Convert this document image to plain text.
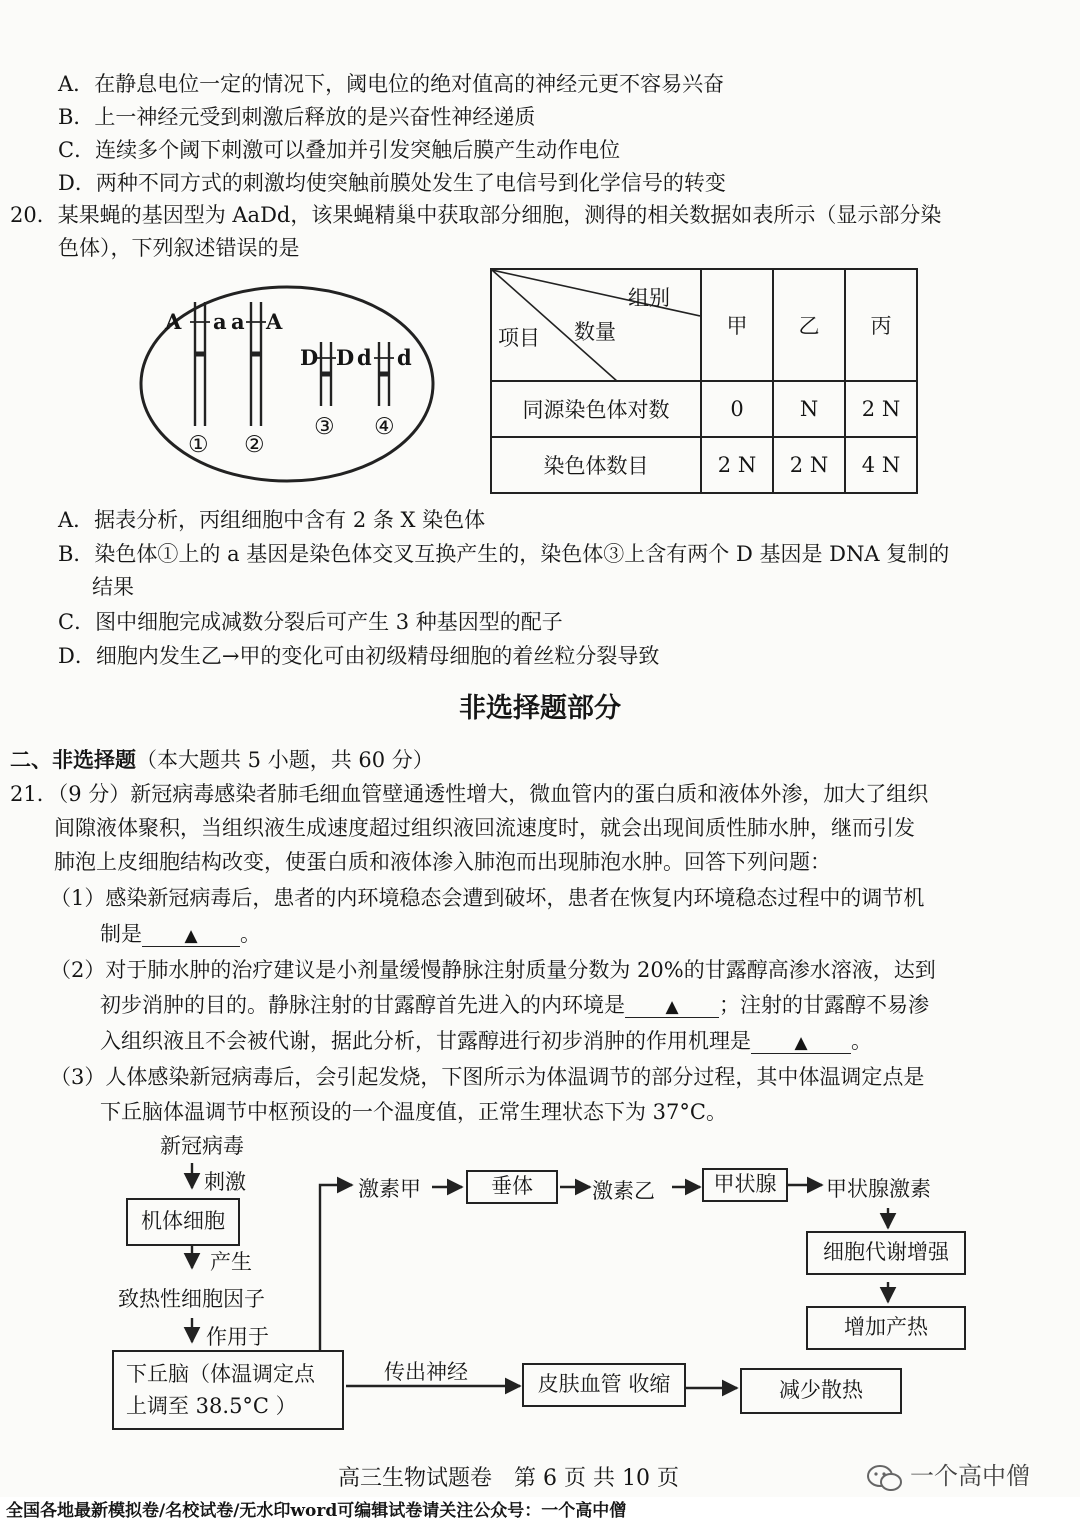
A．在静息电位一定的情况下，阈电位的绝对值高的神经元更不容易兴奋
B．上一神经元受到刺激后释放的是兴奋性神经递质
C．连续多个阈下刺激可以叠加并引发突触后膜产生动作电位
D．两种不同方式的刺激均使突触前膜处发生了电信号到化学信号的转变
20．某果蝇的基因型为 AaDd，该果蝇精巢中获取部分细胞，测得的相关数据如表所示（显示部分染
色体），下列叙述错误的是
A a a A
D D d d
① ②
③ ④
组别
数量
项目	甲	乙	丙
同源染色体对数	0	N	2 N
染色体数目	2 N	2 N	4 N
A．据表分析，丙组细胞中含有 2 条 X 染色体
B．染色体①上的 a 基因是染色体交叉互换产生的，染色体③上含有两个 D 基因是 DNA 复制的
结果
C．图中细胞完成减数分裂后可产生 3 种基因型的配子
D．细胞内发生乙→甲的变化可由初级精母细胞的着丝粒分裂导致
非选择题部分
二、非选择题（本大题共 5 小题，共 60 分）
21．（9 分）新冠病毒感染者肺毛细血管壁通透性增大，微血管内的蛋白质和液体外渗，加大了组织
间隙液体聚积，当组织液生成速度超过组织液回流速度时，就会出现间质性肺水肿，继而引发
肺泡上皮细胞结构改变，使蛋白质和液体渗入肺泡而出现肺泡水肿。回答下列问题：
（1）感染新冠病毒后，患者的内环境稳态会遭到破坏，患者在恢复内环境稳态过程中的调节机
制是 ▲ 。
（2）对于肺水肿的治疗建议是小剂量缓慢静脉注射质量分数为 20%的甘露醇高渗水溶液，达到
初步消肿的目的。静脉注射的甘露醇首先进入的内环境是 ▲ ；注射的甘露醇不易渗
入组织液且不会被代谢，据此分析，甘露醇进行初步消肿的作用机理是	▲ 。
（3）人体感染新冠病毒后，会引起发烧，下图所示为体温调节的部分过程，其中体温调定点是
下丘脑体温调节中枢预设的一个温度值，正常生理状态下为 37°C。
新冠病毒
刺激
机体细胞
产生
致热性细胞因子
作用于
下丘脑（体温调定点
上调至 38.5°C ）
激素甲	垂体	激素乙	甲状腺	甲状腺激素
细胞代谢增强
增加产热
传出神经
皮肤血管 收缩	减少散热
高三生物试题卷　第 6 页 共 10 页	一个高中僧
全国各地最新模拟卷/名校试卷/无水印word可编辑试卷请关注公众号：一个高中僧
